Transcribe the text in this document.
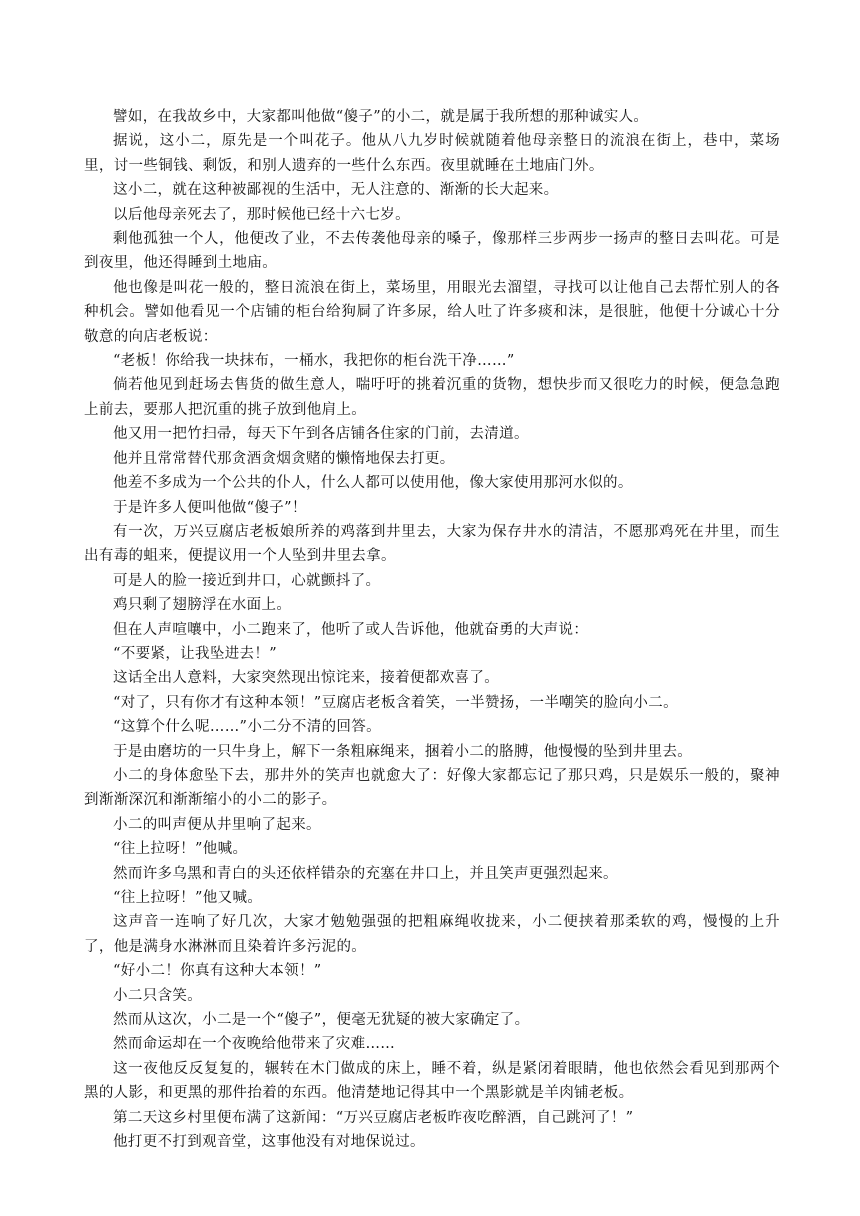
譬如，在我故乡中，大家都叫他做“傻子”的小二，就是属于我所想的那种诚实人。

据说，这小二，原先是一个叫花子。他从八九岁时候就随着他母亲整日的流浪在街上，巷中，菜场里，讨一些铜钱、剩饭，和别人遗弃的一些什么东西。夜里就睡在土地庙门外。

这小二，就在这种被鄙视的生活中，无人注意的、渐渐的长大起来。

以后他母亲死去了，那时候他已经十六七岁。

剩他孤独一个人，他便改了业，不去传袭他母亲的嗓子，像那样三步两步一扬声的整日去叫花。可是到夜里，他还得睡到土地庙。

他也像是叫花一般的，整日流浪在街上，菜场里，用眼光去溜望，寻找可以让他自己去帮忙别人的各种机会。譬如他看见一个店铺的柜台给狗屙了许多尿，给人吐了许多痰和沫，是很脏，他便十分诚心十分敬意的向店老板说：

“老板！你给我一块抹布，一桶水，我把你的柜台洗干净……”

倘若他见到赶场去售货的做生意人，喘吁吁的挑着沉重的货物，想快步而又很吃力的时候，便急急跑上前去，要那人把沉重的挑子放到他肩上。

他又用一把竹扫帚，每天下午到各店铺各住家的门前，去清道。

他并且常常替代那贪酒贪烟贪赌的懒惰地保去打更。

他差不多成为一个公共的仆人，什么人都可以使用他，像大家使用那河水似的。

于是许多人便叫他做“傻子”！

有一次，万兴豆腐店老板娘所养的鸡落到井里去，大家为保存井水的清洁，不愿那鸡死在井里，而生出有毒的蛆来，便提议用一个人坠到井里去拿。

可是人的脸一接近到井口，心就颤抖了。

鸡只剩了翅膀浮在水面上。

但在人声喧嚷中，小二跑来了，他听了或人告诉他，他就奋勇的大声说：

“不要紧，让我坠进去！”

这话全出人意料，大家突然现出惊诧来，接着便都欢喜了。

“对了，只有你才有这种本领！”豆腐店老板含着笑，一半赞扬，一半嘲笑的脸向小二。

“这算个什么呢……”小二分不清的回答。

于是由磨坊的一只牛身上，解下一条粗麻绳来，捆着小二的胳膊，他慢慢的坠到井里去。

小二的身体愈坠下去，那井外的笑声也就愈大了：好像大家都忘记了那只鸡，只是娱乐一般的，聚神到渐渐深沉和渐渐缩小的小二的影子。

小二的叫声便从井里响了起来。

“往上拉呀！”他喊。

然而许多乌黑和青白的头还依样错杂的充塞在井口上，并且笑声更强烈起来。

“往上拉呀！”他又喊。

这声音一连响了好几次，大家才勉勉强强的把粗麻绳收拢来，小二便挟着那柔软的鸡，慢慢的上升了，他是满身水淋淋而且染着许多污泥的。

“好小二！你真有这种大本领！”

小二只含笑。

然而从这次，小二是一个“傻子”，便毫无犹疑的被大家确定了。

然而命运却在一个夜晚给他带来了灾难……

这一夜他反反复复的，辗转在木门做成的床上，睡不着，纵是紧闭着眼睛，他也依然会看见到那两个黑的人影，和更黑的那件抬着的东西。他清楚地记得其中一个黑影就是羊肉铺老板。

第二天这乡村里便布满了这新闻：“万兴豆腐店老板昨夜吃醉酒，自己跳河了！”

他打更不打到观音堂，这事他没有对地保说过。
